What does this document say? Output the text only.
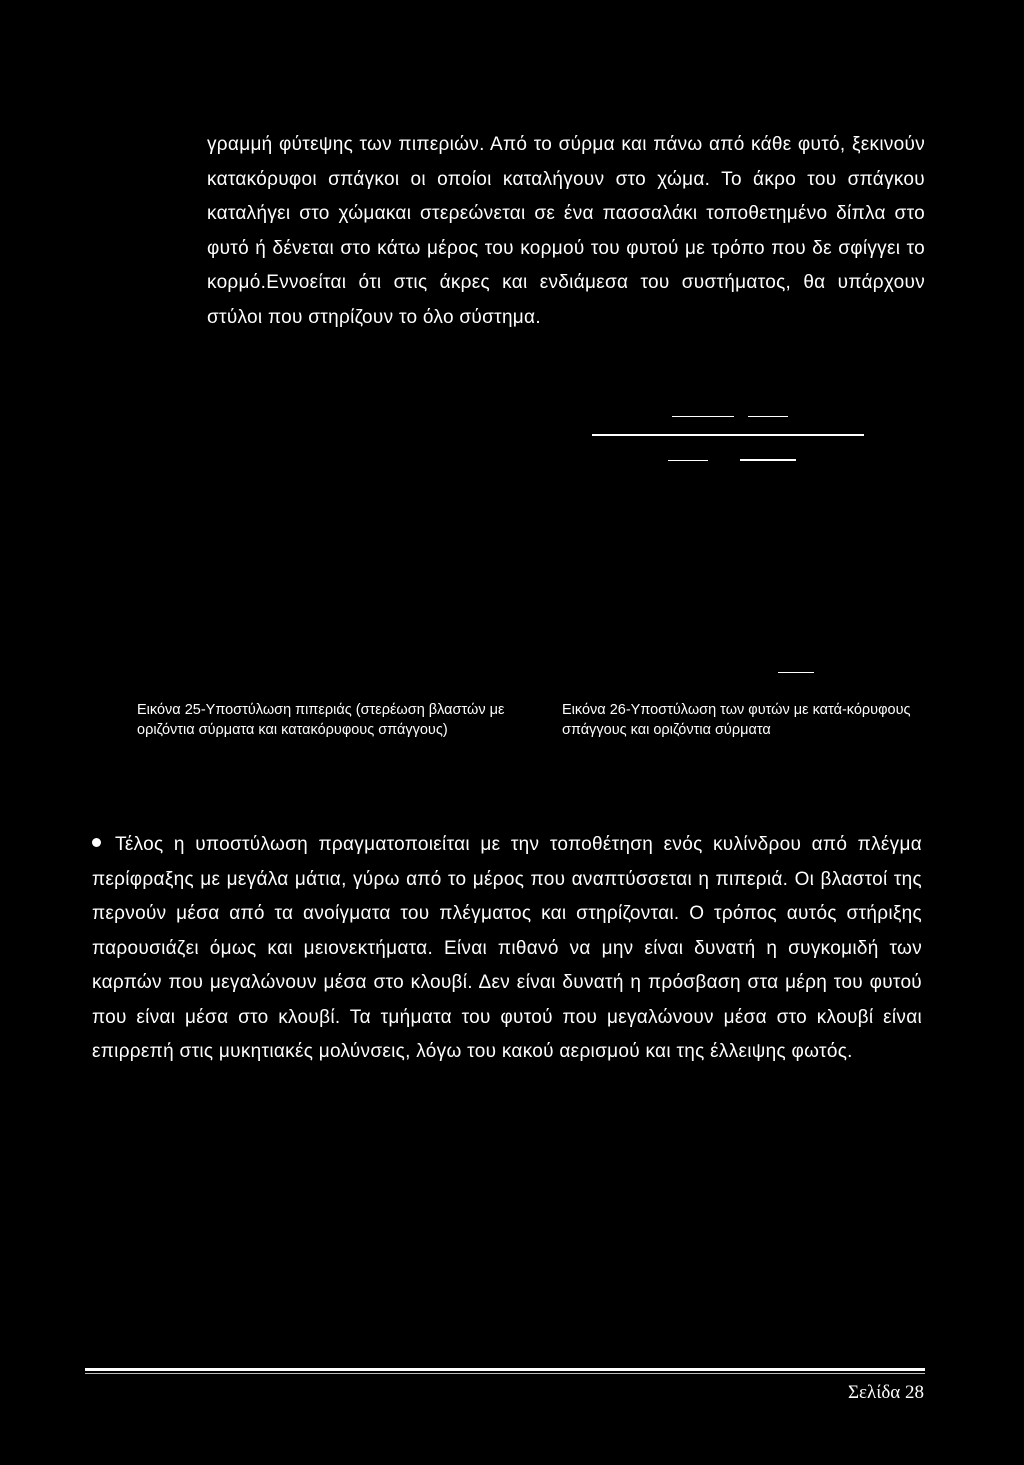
γραμμή φύτεψης των πιπεριών. Από το σύρμα και πάνω από κάθε φυτό, ξεκινούν κατακόρυφοι σπάγκοι οι οποίοι καταλήγουν στο χώμα. Το άκρο του σπάγκου καταλήγει στο χώμακαι στερεώνεται σε ένα πασσαλάκι τοποθετημένο δίπλα στο φυτό ή δένεται στο κάτω μέρος του κορμού του φυτού με τρόπο που δε σφίγγει το κορμό.Εννοείται ότι στις άκρες και ενδιάμεσα του συστήματος, θα υπάρχουν στύλοι που στηρίζουν το όλο σύστημα.

Εικόνα 25-Υποστύλωση πιπεριάς (στερέωση βλαστών με οριζόντια σύρματα και κατακόρυφους σπάγγους)

Εικόνα 26-Υποστύλωση των φυτών με κατά-κόρυφους σπάγγους και οριζόντια σύρματα

Τέλος η υποστύλωση πραγματοποιείται με την τοποθέτηση ενός κυλίνδρου από πλέγμα περίφραξης με μεγάλα μάτια, γύρω από το μέρος που αναπτύσσεται η πιπεριά. Οι βλαστοί της περνούν μέσα από τα ανοίγματα του πλέγματος και στηρίζονται. Ο τρόπος αυτός στήριξης παρουσιάζει όμως και μειονεκτήματα. Είναι πιθανό να μην είναι δυνατή η συγκομιδή των καρπών που μεγαλώνουν μέσα στο κλουβί. Δεν είναι δυνατή η πρόσβαση στα μέρη του φυτού που είναι μέσα στο κλουβί. Τα τμήματα του φυτού που μεγαλώνουν μέσα στο κλουβί είναι επιρρεπή στις μυκητιακές μολύνσεις, λόγω του κακού αερισμού και της έλλειψης φωτός.

Σελίδα 28
